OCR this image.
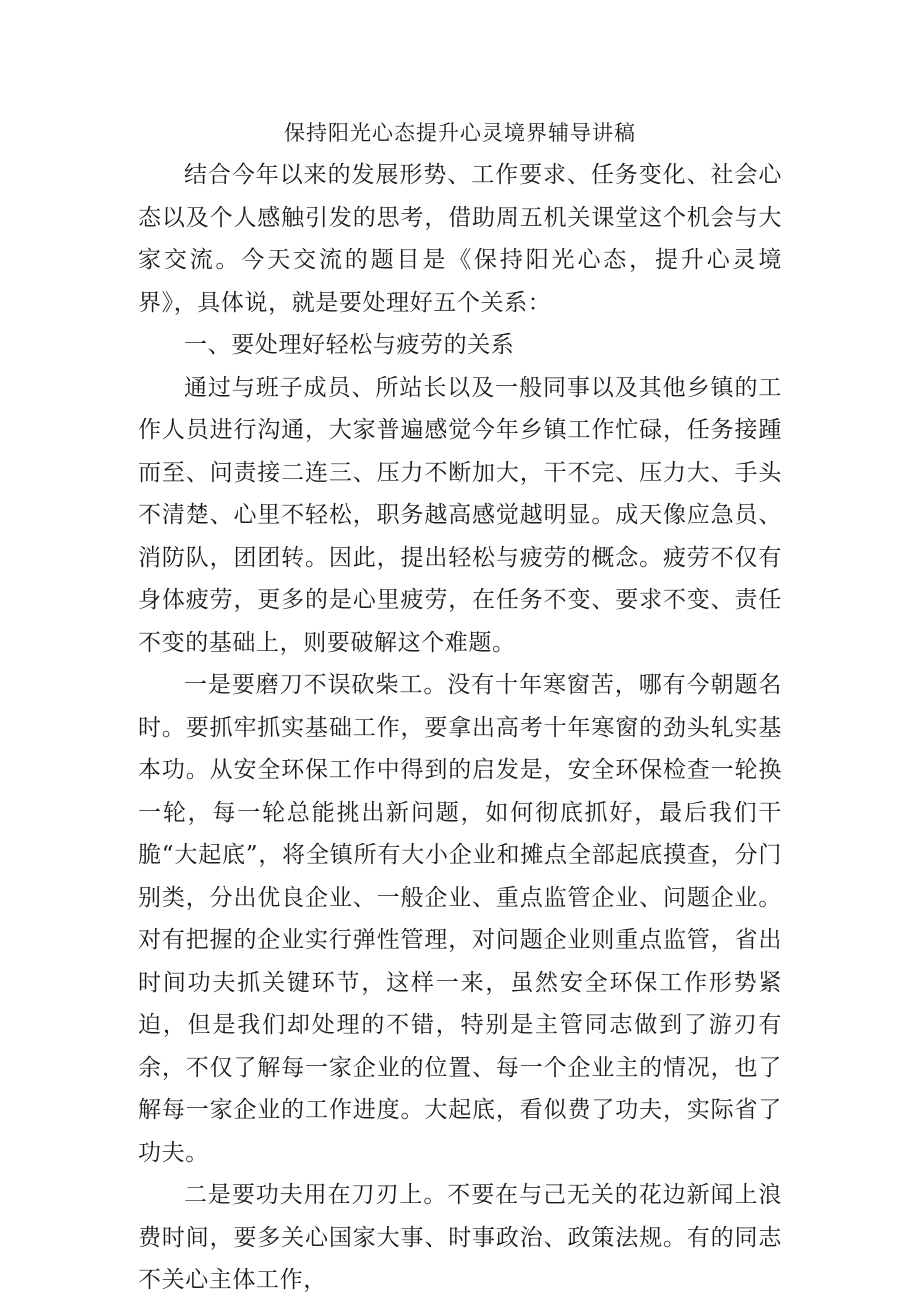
保持阳光心态提升心灵境界辅导讲稿

结合今年以来的发展形势、工作要求、任务变化、社会心态以及个人感触引发的思考，借助周五机关课堂这个机会与大家交流。今天交流的题目是《保持阳光心态，提升心灵境界》，具体说，就是要处理好五个关系：

一、要处理好轻松与疲劳的关系

通过与班子成员、所站长以及一般同事以及其他乡镇的工作人员进行沟通，大家普遍感觉今年乡镇工作忙碌，任务接踵而至、问责接二连三、压力不断加大，干不完、压力大、手头不清楚、心里不轻松，职务越高感觉越明显。成天像应急员、消防队，团团转。因此，提出轻松与疲劳的概念。疲劳不仅有身体疲劳，更多的是心里疲劳，在任务不变、要求不变、责任不变的基础上，则要破解这个难题。

一是要磨刀不误砍柴工。没有十年寒窗苦，哪有今朝题名时。要抓牢抓实基础工作，要拿出高考十年寒窗的劲头轧实基本功。从安全环保工作中得到的启发是，安全环保检查一轮换一轮，每一轮总能挑出新问题，如何彻底抓好，最后我们干脆“大起底”，将全镇所有大小企业和摊点全部起底摸查，分门别类，分出优良企业、一般企业、重点监管企业、问题企业。对有把握的企业实行弹性管理，对问题企业则重点监管，省出时间功夫抓关键环节，这样一来，虽然安全环保工作形势紧迫，但是我们却处理的不错，特别是主管同志做到了游刃有余，不仅了解每一家企业的位置、每一个企业主的情况，也了解每一家企业的工作进度。大起底，看似费了功夫，实际省了功夫。

二是要功夫用在刀刃上。不要在与己无关的花边新闻上浪费时间，要多关心国家大事、时事政治、政策法规。有的同志不关心主体工作，
